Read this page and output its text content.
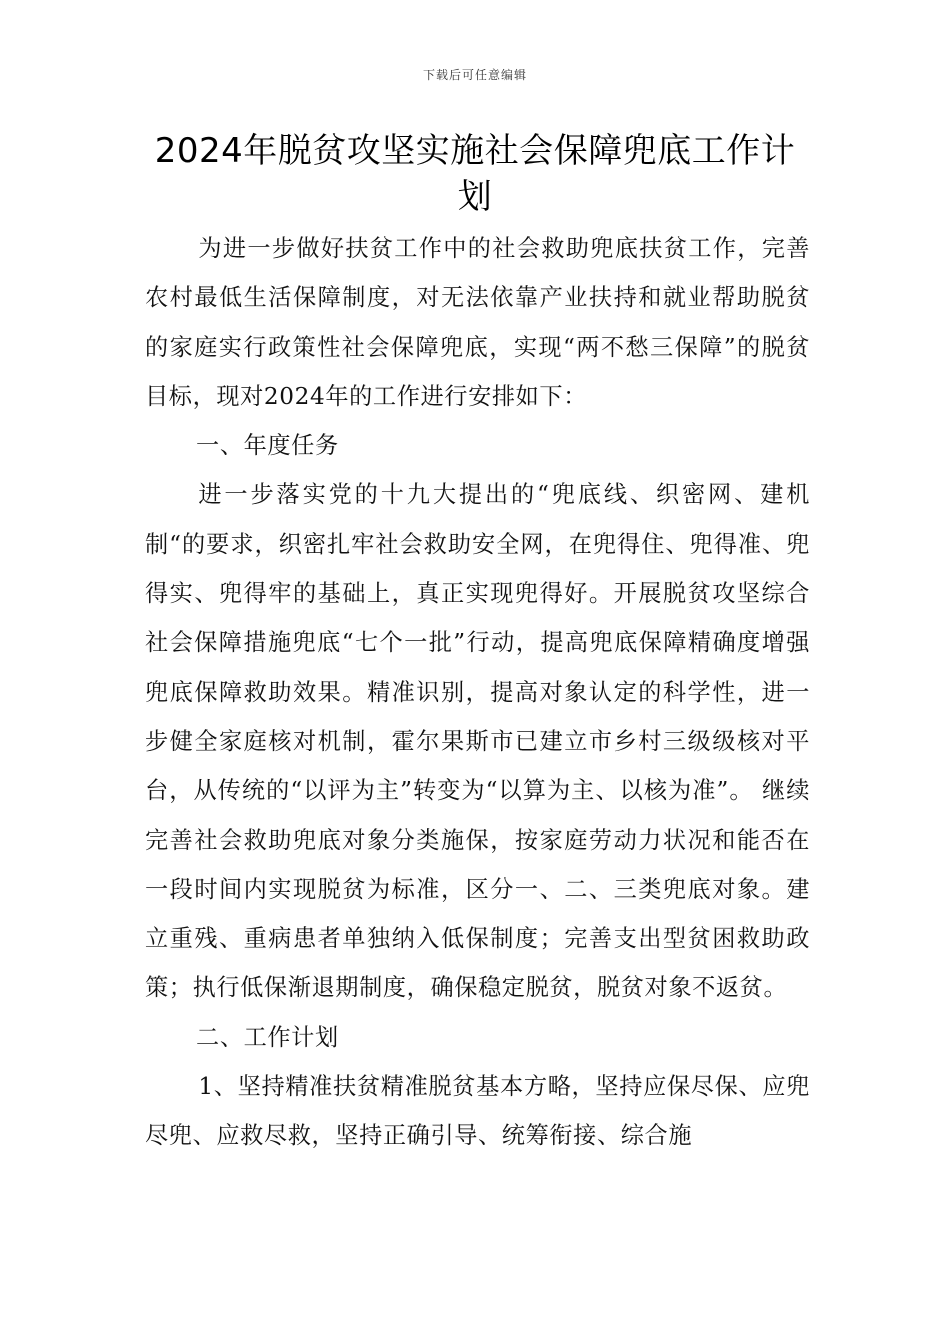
下载后可任意编辑
2024年脱贫攻坚实施社会保障兜底工作计划

为进一步做好扶贫工作中的社会救助兜底扶贫工作，完善农村最低生活保障制度，对无法依靠产业扶持和就业帮助脱贫的家庭实行政策性社会保障兜底，实现“两不愁三保障”的脱贫目标，现对2024年的工作进行安排如下：

一、年度任务

进一步落实党的十九大提出的“兜底线、织密网、建机制“的要求，织密扎牢社会救助安全网，在兜得住、兜得准、兜得实、兜得牢的基础上，真正实现兜得好。开展脱贫攻坚综合社会保障措施兜底“七个一批”行动，提高兜底保障精确度增强兜底保障救助效果。精准识别，提高对象认定的科学性，进一步健全家庭核对机制，霍尔果斯市已建立市乡村三级级核对平台，从传统的“以评为主”转变为“以算为主、以核为准”。 继续完善社会救助兜底对象分类施保，按家庭劳动力状况和能否在一段时间内实现脱贫为标准，区分一、二、三类兜底对象。建立重残、重病患者单独纳入低保制度；完善支出型贫困救助政策；执行低保渐退期制度，确保稳定脱贫，脱贫对象不返贫。

二、工作计划

1、坚持精准扶贫精准脱贫基本方略，坚持应保尽保、应兜尽兜、应救尽救，坚持正确引导、统筹衔接、综合施
